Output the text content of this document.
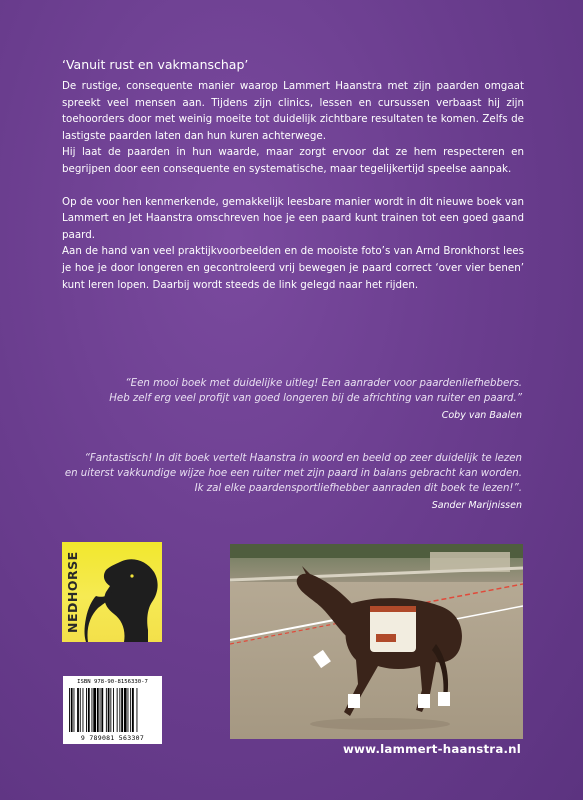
‘Vanuit rust en vakmanschap’

De rustige, consequente manier waarop Lammert Haanstra met zijn paarden omgaat spreekt veel mensen aan. Tijdens zijn clinics, lessen en cursussen verbaast hij zijn toehoorders door met weinig moeite tot duidelijk zichtbare resultaten te komen. Zelfs de lastigste paarden laten dan hun kuren achterwege.

Hij laat de paarden in hun waarde, maar zorgt ervoor dat ze hem respecteren en begrijpen door een consequente en systematische, maar tegelijkertijd speelse aanpak.

Op de voor hen kenmerkende, gemakkelijk leesbare manier wordt in dit nieuwe boek van Lammert en Jet Haanstra omschreven hoe je een paard kunt trainen tot een goed gaand paard.

Aan de hand van veel praktijkvoorbeelden en de mooiste foto’s van Arnd Bronkhorst lees je hoe je door longeren en gecontroleerd vrij bewegen je paard correct ‘over vier benen’ kunt leren lopen. Daarbij wordt steeds de link gelegd naar het rijden.

“Een mooi boek met duidelijke uitleg! Een aanrader voor paardenliefhebbers.
Heb zelf erg veel profijt van goed longeren bij de africhting van ruiter en paard.”
Coby van Baalen
“Fantastisch! In dit boek vertelt Haanstra in woord en beeld op zeer duidelijk te lezen
en uiterst vakkundige wijze hoe een ruiter met zijn paard in balans gebracht kan worden.
Ik zal elke paardensportliefhebber aanraden dit boek te lezen!”.
Sander Marijnissen
NEDHORSE
ISBN 978-90-8156330-7
9 789081 563307
www.lammert-haanstra.nl
